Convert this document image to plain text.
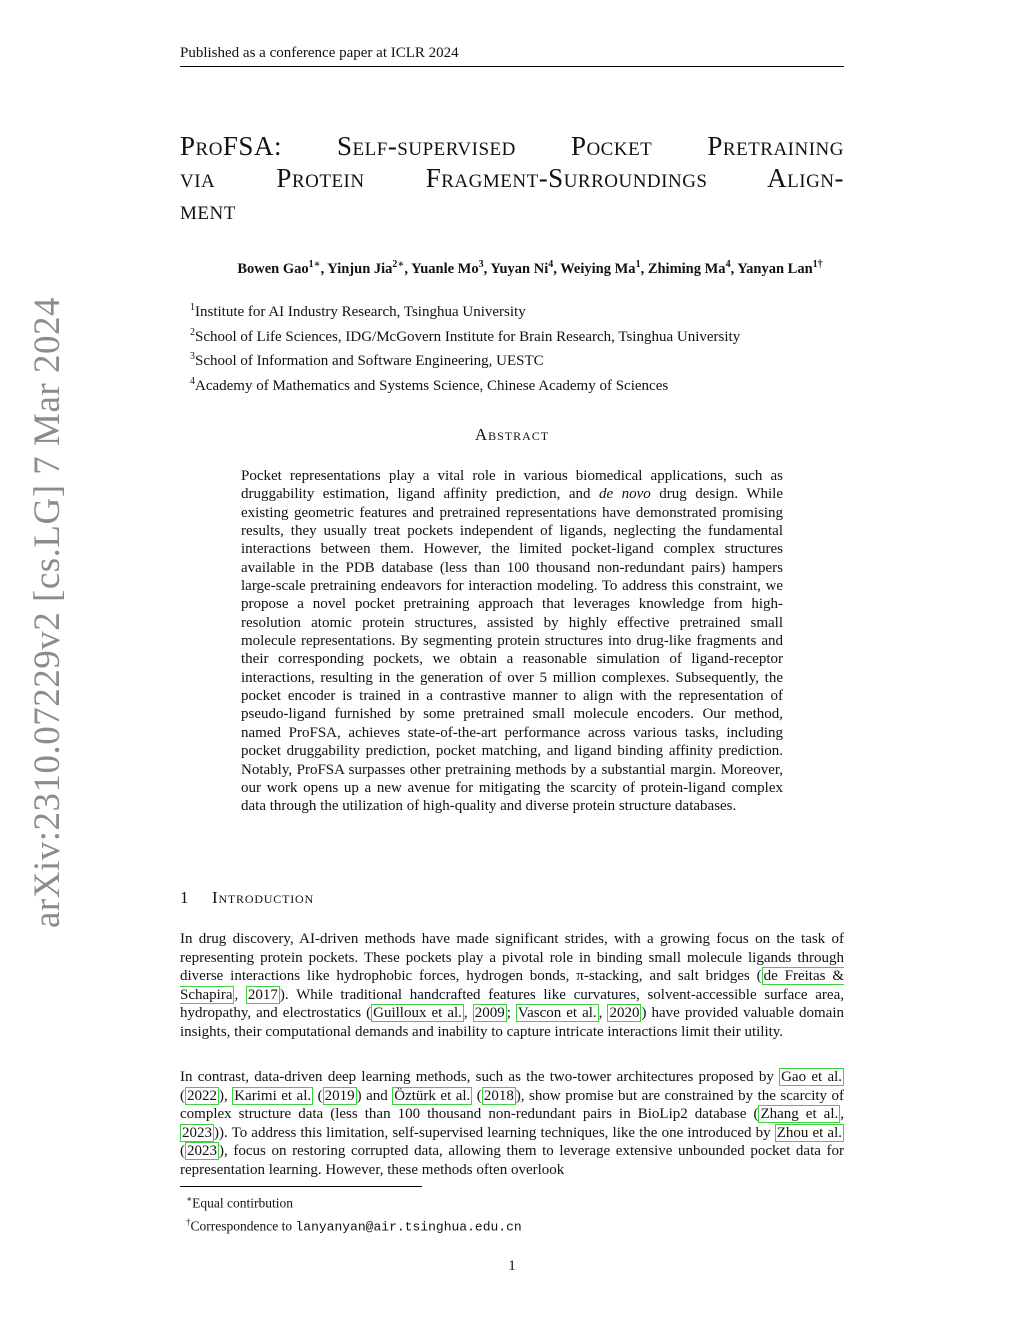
Published as a conference paper at ICLR 2024
arXiv:2310.07229v2 [cs.LG] 7 Mar 2024
ProFSA: Self-supervised Pocket Pretraining
via Protein Fragment-Surroundings Align-
ment
Bowen Gao$^{1∗}$, Yinjun Jia$^{2∗}$, Yuanle Mo$^3$, Yuyan Ni$^4$, Weiying Ma$^1$, Zhiming Ma$^4$, Yanyan Lan$^{1\dagger}$
$^1$Institute for AI Industry Research, Tsinghua University
$^2$School of Life Sciences, IDG/McGovern Institute for Brain Research, Tsinghua University
$^3$School of Information and Software Engineering, UESTC
$^4$Academy of Mathematics and Systems Science, Chinese Academy of Sciences
Abstract
Pocket representations play a vital role in various biomedical applications, such as druggability estimation, ligand affinity prediction, and de novo drug design. While existing geometric features and pretrained representations have demonstrated promising results, they usually treat pockets independent of ligands, neglecting the fundamental interactions between them. However, the limited pocket-ligand complex structures available in the PDB database (less than 100 thousand non-redundant pairs) hampers large-scale pretraining endeavors for interaction modeling. To address this constraint, we propose a novel pocket pretraining approach that leverages knowledge from high-resolution atomic protein structures, assisted by highly effective pretrained small molecule representations. By segmenting protein structures into drug-like fragments and their corresponding pockets, we obtain a reasonable simulation of ligand-receptor interactions, resulting in the generation of over 5 million complexes. Subsequently, the pocket encoder is trained in a contrastive manner to align with the representation of pseudo-ligand furnished by some pretrained small molecule encoders. Our method, named ProFSA, achieves state-of-the-art performance across various tasks, including pocket druggability prediction, pocket matching, and ligand binding affinity prediction. Notably, ProFSA surpasses other pretraining methods by a substantial margin. Moreover, our work opens up a new avenue for mitigating the scarcity of protein-ligand complex data through the utilization of high-quality and diverse protein structure databases.
1 Introduction
In drug discovery, AI-driven methods have made significant strides, with a growing focus on the task of representing protein pockets. These pockets play a pivotal role in binding small molecule ligands through diverse interactions like hydrophobic forces, hydrogen bonds, π-stacking, and salt bridges ( de Freitas & Schapira , 2017 ). While traditional handcrafted features like curvatures, solvent-accessible surface area, hydropathy, and electrostatics ( Guilloux et al. , 2009 ; Vascon et al. , 2020 ) have provided valuable domain insights, their computational demands and inability to capture intricate interactions limit their utility.
In contrast, data-driven deep learning methods, such as the two-tower architectures proposed by Gao et al. ( 2022 ), Karimi et al. ( 2019 ) and Öztürk et al. ( 2018 ), show promise but are constrained by the scarcity of complex structure data (less than 100 thousand non-redundant pairs in BioLip2 database ( Zhang et al. , 2023 )). To address this limitation, self-supervised learning techniques, like the one introduced by Zhou et al. ( 2023 ), focus on restoring corrupted data, allowing them to leverage extensive unbounded pocket data for representation learning. However, these methods often overlook
∗Equal contirbution
†Correspondence to lanyanyan@air.tsinghua.edu.cn
1
